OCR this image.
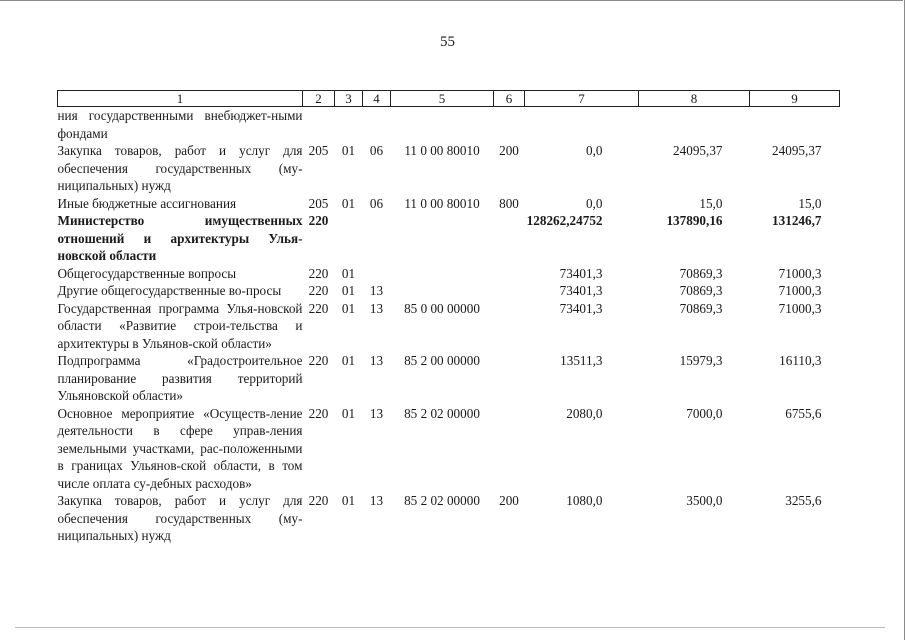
55
1	2	3	4	5	6	7	8	9
ния государственными внебюджет-ными фондами								
Закупка товаров, работ и услуг для обеспечения государственных (му-ниципальных) нужд	205	01	06	11 0 00 80010	200	0,0	24095,37	24095,37
Иные бюджетные ассигнования	205	01	06	11 0 00 80010	800	0,0	15,0	15,0
Министерство имущественных отношений и архитектуры Улья-новской области	220					128262,24752	137890,16	131246,7
Общегосударственные вопросы	220	01				73401,3	70869,3	71000,3
Другие общегосударственные во-просы	220	01	13			73401,3	70869,3	71000,3
Государственная программа Улья-новской области «Развитие строи-тельства и архитектуры в Ульянов-ской области»	220	01	13	85 0 00 00000		73401,3	70869,3	71000,3
Подпрограмма «Градостроительное планирование развития территорий Ульяновской области»	220	01	13	85 2 00 00000		13511,3	15979,3	16110,3
Основное мероприятие «Осуществ-ление деятельности в сфере управ-ления земельными участками, рас-положенными в границах Ульянов-ской области, в том числе оплата су-дебных расходов»	220	01	13	85 2 02 00000		2080,0	7000,0	6755,6
Закупка товаров, работ и услуг для обеспечения государственных (му-ниципальных) нужд	220	01	13	85 2 02 00000	200	1080,0	3500,0	3255,6
